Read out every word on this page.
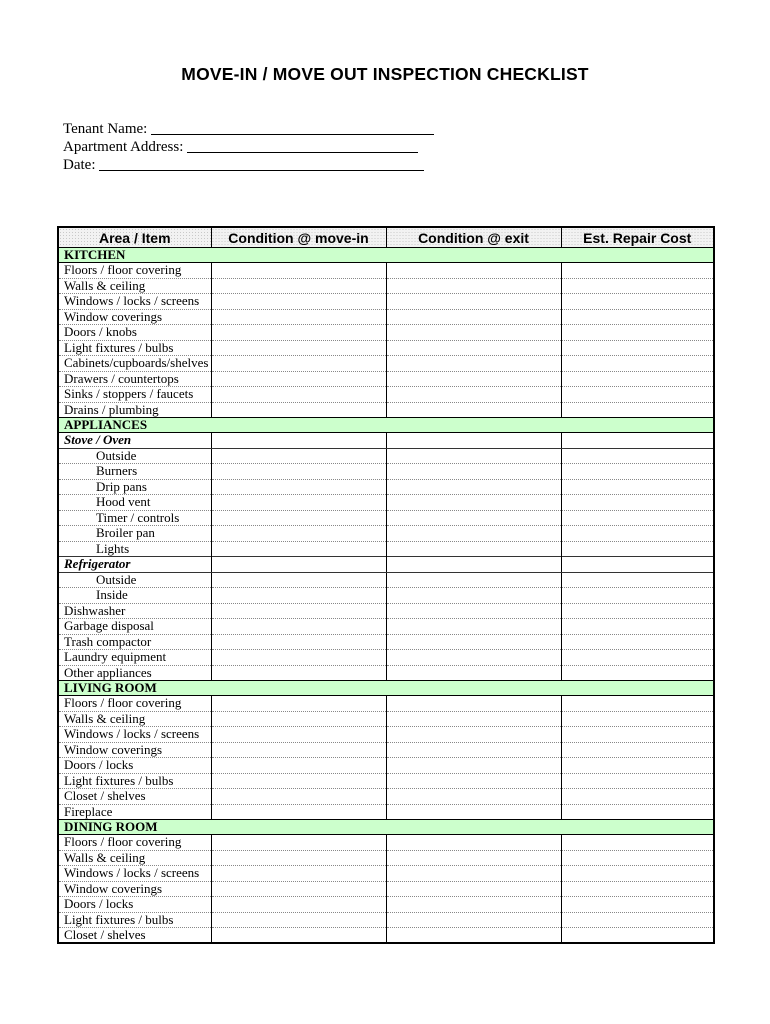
MOVE-IN / MOVE OUT INSPECTION CHECKLIST
Tenant Name:
Apartment Address:
Date:
Area / Item	Condition @ move-in	Condition @ exit	Est. Repair Cost
KITCHEN			
Floors / floor covering			
Walls & ceiling			
Windows / locks / screens			
Window coverings			
Doors / knobs			
Light fixtures / bulbs			
Cabinets/cupboards/shelves			
Drawers / countertops			
Sinks / stoppers / faucets			
Drains / plumbing			
APPLIANCES			
Stove / Oven			
Outside			
Burners			
Drip pans			
Hood vent			
Timer / controls			
Broiler pan			
Lights			
Refrigerator			
Outside			
Inside			
Dishwasher			
Garbage disposal			
Trash compactor			
Laundry equipment			
Other appliances			
LIVING ROOM			
Floors / floor covering			
Walls & ceiling			
Windows / locks / screens			
Window coverings			
Doors / locks			
Light fixtures / bulbs			
Closet / shelves			
Fireplace			
DINING ROOM			
Floors / floor covering			
Walls & ceiling			
Windows / locks / screens			
Window coverings			
Doors / locks			
Light fixtures / bulbs			
Closet / shelves			
